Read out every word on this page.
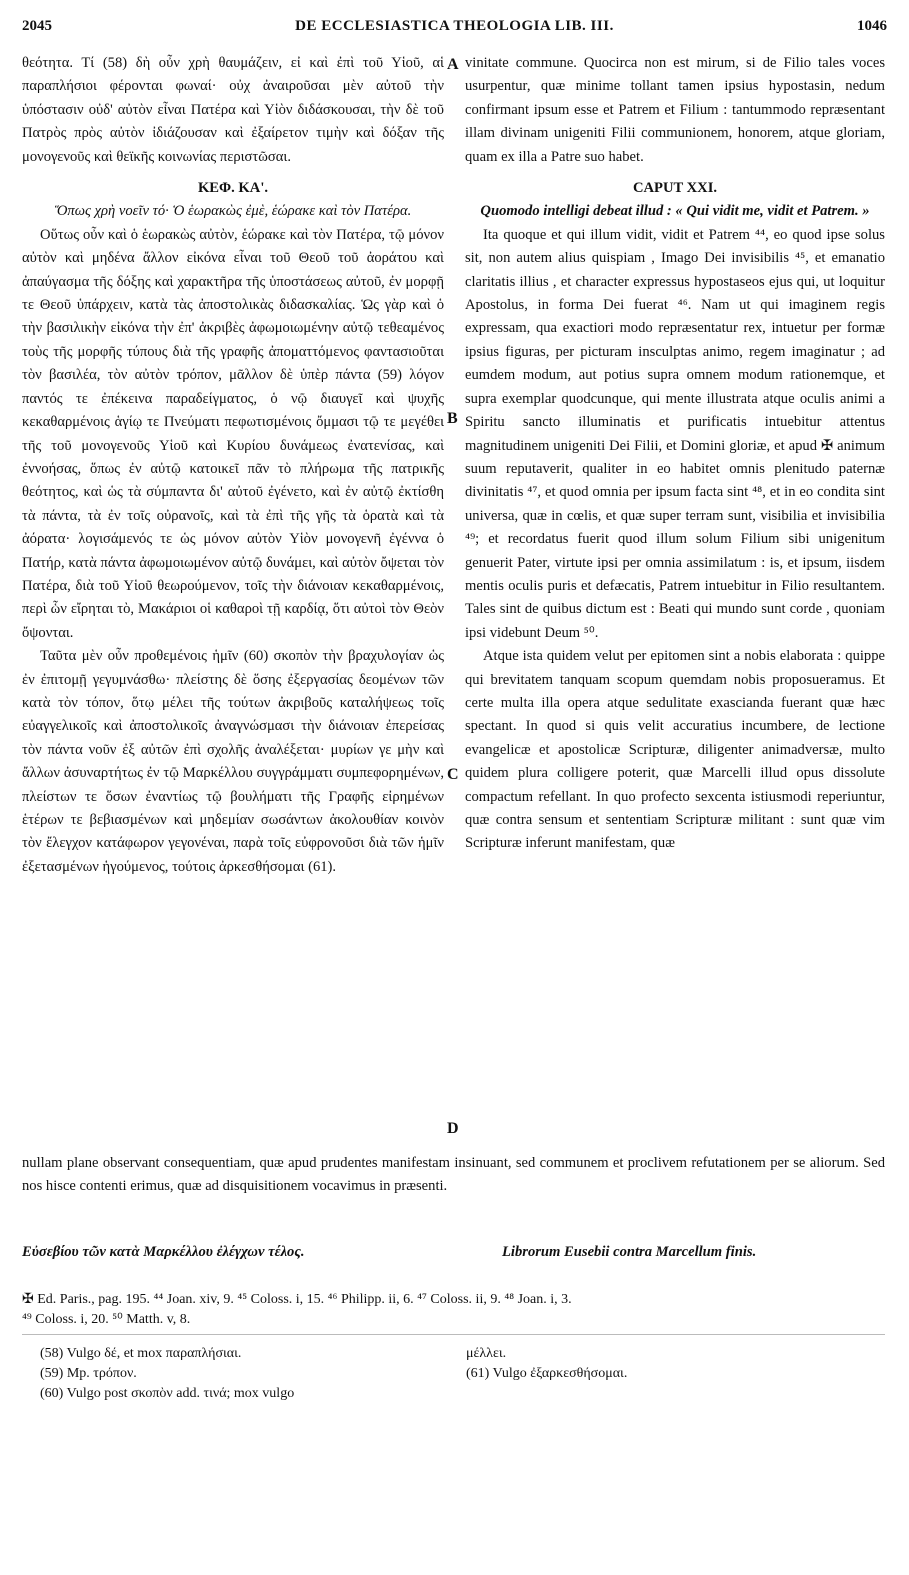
2045	DE ECCLESIASTICA THEOLOGIA LIB. III.	1046

θεότητα. Τί (58) δὴ οὖν χρὴ θαυμάζειν, εἰ καὶ ἐπὶ τοῦ Υἱοῦ, αἱ παραπλήσιοι φέρονται φωναί· οὐχ ἀναιροῦσαι μὲν αὐτοῦ τὴν ὑπόστασιν οὐδ' αὐτὸν εἶναι Πατέρα καὶ Υἱὸν διδάσκουσαι, τὴν δὲ τοῦ Πατρὸς πρὸς αὐτὸν ἰδιάζουσαν καὶ ἐξαίρετον τιμὴν καὶ δόξαν τῆς μονογενοῦς καὶ θεϊκῆς κοινωνίας περιστῶσαι.

ΚΕΦ. ΚΑ'.

Ὅπως χρὴ νοεῖν τό· Ὁ ἑωρακὼς ἐμὲ, ἑώρακε καὶ τὸν Πατέρα.

Οὕτως οὖν καὶ ὁ ἑωρακὼς αὐτὸν, ἑώρακε καὶ τὸν Πατέρα, τῷ μόνον αὐτὸν καὶ μηδένα ἄλλον εἰκόνα εἶναι τοῦ Θεοῦ τοῦ ἀοράτου καὶ ἀπαύγασμα τῆς δόξης καὶ χαρακτῆρα τῆς ὑποστάσεως αὐτοῦ, ἐν μορφῇ τε Θεοῦ ὑπάρχειν, κατὰ τὰς ἀποστολικὰς διδασκαλίας. Ὡς γὰρ καὶ ὁ τὴν βασιλικὴν εἰκόνα τὴν ἐπ' ἀκριβὲς ἀφωμοιωμένην αὐτῷ τεθεαμένος τοὺς τῆς μορφῆς τύπους διὰ τῆς γραφῆς ἀποματτόμενος φαντασιοῦται τὸν βασιλέα, τὸν αὐτὸν τρόπον, μᾶλλον δὲ ὑπὲρ πάντα (59) λόγον παντός τε ἐπέκεινα παραδείγματος, ὁ νῷ διαυγεῖ καὶ ψυχῆς κεκαθαρμένοις ἁγίῳ τε Πνεύματι πεφωτισμένοις ὄμμασι τῷ τε μεγέθει τῆς τοῦ μονογενοῦς Υἱοῦ καὶ Κυρίου δυνάμεως ἐνατενίσας, καὶ ἐννοήσας, ὅπως ἐν αὐτῷ κατοικεῖ πᾶν τὸ πλήρωμα τῆς πατρικῆς θεότητος, καὶ ὡς τὰ σύμπαντα δι' αὐτοῦ ἐγένετο, καὶ ἐν αὐτῷ ἐκτίσθη τὰ πάντα, τὰ ἐν τοῖς οὐρανοῖς, καὶ τὰ ἐπὶ τῆς γῆς τὰ ὁρατὰ καὶ τὰ ἀόρατα· λογισάμενός τε ὡς μόνον αὐτὸν Υἱὸν μονογενῆ ἐγέννα ὁ Πατήρ, κατὰ πάντα ἀφωμοιωμένον αὐτῷ δυνάμει, καὶ αὐτὸν ὄψεται τὸν Πατέρα, διὰ τοῦ Υἱοῦ θεωρούμενον, τοῖς τὴν διάνοιαν κεκαθαρμένοις, περὶ ὧν εἴρηται τὸ, Μακάριοι οἱ καθαροὶ τῇ καρδίᾳ, ὅτι αὐτοὶ τὸν Θεὸν ὄψονται.

Ταῦτα μὲν οὖν προθεμένοις ἡμῖν (60) σκοπὸν τὴν βραχυλογίαν ὡς ἐν ἐπιτομῇ γεγυμνάσθω· πλείστης δὲ ὅσης ἐξεργασίας δεομένων τῶν κατὰ τὸν τόπον, ὅτῳ μέλει τῆς τούτων ἀκριβοῦς καταλήψεως τοῖς εὐαγγελικοῖς καὶ ἀποστολικοῖς ἀναγνώσμασι τὴν διάνοιαν ἐπερείσας τὸν πάντα νοῦν ἐξ αὐτῶν ἐπὶ σχολῆς ἀναλέξεται· μυρίων γε μὴν καὶ ἄλλων ἀσυναρτήτως ἐν τῷ Μαρκέλλου συγγράμματι συμπεφορημένων, πλείστων τε ὅσων ἐναντίως τῷ βουλήματι τῆς Γραφῆς εἰρημένων ἑτέρων τε βεβιασμένων καὶ μηδεμίαν σωσάντων ἀκολουθίαν κοινὸν τὸν ἔλεγχον κατάφωρον γεγονέναι, παρὰ τοῖς εὐφρονοῦσι διὰ τῶν ἡμῖν ἐξετασμένων ἡγούμενος, τούτοις ἀρκεσθήσομαι (61).

A
B
C
D

vinitate commune. Quocirca non est mirum, si de Filio tales voces usurpentur, quæ minime tollant tamen ipsius hypostasin, nedum confirmant ipsum esse et Patrem et Filium : tantummodo repræsentant illam divinam unigeniti Filii communionem, honorem, atque gloriam, quam ex illa a Patre suo habet.

CAPUT XXI.

Quomodo intelligi debeat illud : « Qui vidit me, vidit et Patrem. »

Ita quoque et qui illum vidit, vidit et Patrem ⁴⁴, eo quod ipse solus sit, non autem alius quispiam , Imago Dei invisibilis ⁴⁵, et emanatio claritatis illius , et character expressus hypostaseos ejus qui, ut loquitur Apostolus, in forma Dei fuerat ⁴⁶. Nam ut qui imaginem regis expressam, qua exactiori modo repræsentatur rex, intuetur per formæ ipsius figuras, per picturam insculptas animo, regem imaginatur ; ad eumdem modum, aut potius supra omnem modum rationemque, et supra exemplar quodcunque, qui mente illustrata atque oculis animi a Spiritu sancto illuminatis et purificatis intuebitur attentus magnitudinem unigeniti Dei Filii, et Domini gloriæ, et apud ✠ animum suum reputaverit, qualiter in eo habitet omnis plenitudo paternæ divinitatis ⁴⁷, et quod omnia per ipsum facta sint ⁴⁸, et in eo condita sint universa, quæ in cœlis, et quæ super terram sunt, visibilia et invisibilia ⁴⁹; et recordatus fuerit quod illum solum Filium sibi unigenitum genuerit Pater, virtute ipsi per omnia assimilatum : is, et ipsum, iisdem mentis oculis puris et defæcatis, Patrem intuebitur in Filio resultantem. Tales sint de quibus dictum est : Beati qui mundo sunt corde , quoniam ipsi videbunt Deum ⁵⁰.

Atque ista quidem velut per epitomen sint a nobis elaborata : quippe qui brevitatem tanquam scopum quemdam nobis proposueramus. Et certe multa illa opera atque sedulitate exascianda fuerant quæ hæc spectant. In quod si quis velit accuratius incumbere, de lectione evangelicæ et apostolicæ Scripturæ, diligenter animadversæ, multo quidem plura colligere poterit, quæ Marcelli illud opus dissolute compactum refellant. In quo profecto sexcenta istiusmodi reperiuntur, quæ contra sensum et sententiam Scripturæ militant : sunt quæ vim Scripturæ inferunt manifestam, quæ

nullam plane observant consequentiam, quæ apud prudentes manifestam insinuant, sed communem et proclivem refutationem per se aliorum. Sed nos hisce contenti erimus, quæ ad disquisitionem vocavimus in præsenti.

Εὐσεβίου τῶν κατὰ Μαρκέλλου ἐλέγχων τέλος.	Librorum Eusebii contra Marcellum finis.
✠ Ed. Paris., pag. 195. ⁴⁴ Joan. xiv, 9. ⁴⁵ Coloss. i, 15. ⁴⁶ Philipp. ii, 6. ⁴⁷ Coloss. ii, 9. ⁴⁸ Joan. i, 3.
⁴⁹ Coloss. i, 20. ⁵⁰ Matth. v, 8.

(58) Vulgo δέ, et mox παραπλήσιαι.

(59) Mp. τρόπον.

(60) Vulgo post σκοπὸν add. τινά; mox vulgo

μέλλει.

(61) Vulgo ἐξαρκεσθήσομαι.
